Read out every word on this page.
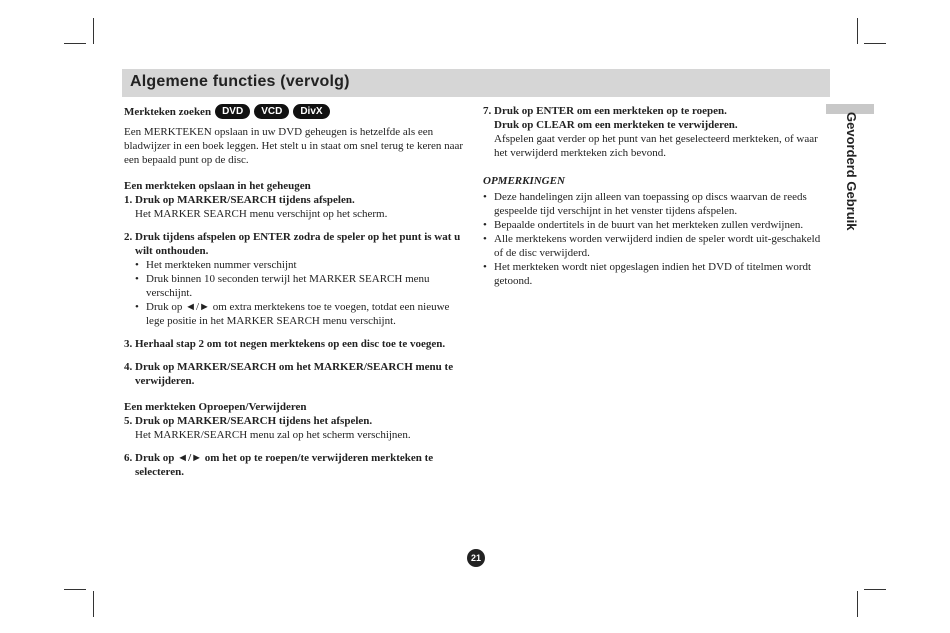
Algemene functies (vervolg)
Gevorderd Gebruik
Merkteken zoeken	DVD	VCD	DivX

Een MERKTEKEN opslaan in uw DVD geheugen is hetzelfde als een bladwijzer in een boek leggen. Het stelt u in staat om snel terug te keren naar een bepaald punt op de disc.

Een merkteken opslaan in het geheugen

1. Druk op MARKER/SEARCH tijdens afspelen.
Het MARKER SEARCH menu verschijnt op het scherm.
2. Druk tijdens afspelen op ENTER zodra de speler op het punt is wat u wilt onthouden.
• Het merkteken nummer verschijnt
• Druk binnen 10 seconden terwijl het MARKER SEARCH menu verschijnt.
• Druk op ◄/► om extra merktekens toe te voegen, totdat een nieuwe lege positie in het MARKER SEARCH menu verschijnt.
3. Herhaal stap 2 om tot negen merktekens op een disc toe te voegen.
4. Druk op MARKER/SEARCH om het MARKER/SEARCH menu te verwijderen.

Een merkteken Oproepen/Verwijderen

5. Druk op MARKER/SEARCH tijdens het afspelen.
Het MARKER/SEARCH menu zal op het scherm verschijnen.
6. Druk op ◄/► om het op te roepen/te verwijderen merkteken te selecteren.
7. Druk op ENTER om een merkteken op te roepen.
Druk op CLEAR om een merkteken te verwijderen.
Afspelen gaat verder op het punt van het geselecteerd merkteken, of waar het verwijderd merkteken zich bevond.
OPMERKINGEN
• Deze handelingen zijn alleen van toepassing op discs waarvan de reeds gespeelde tijd verschijnt in het venster tijdens afspelen.
• Bepaalde ondertitels in de buurt van het merkteken zullen verdwijnen.
• Alle merktekens worden verwijderd indien de speler wordt uit-geschakeld of de disc verwijderd.
• Het merkteken wordt niet opgeslagen indien het DVD of titelmen wordt getoond.
21
